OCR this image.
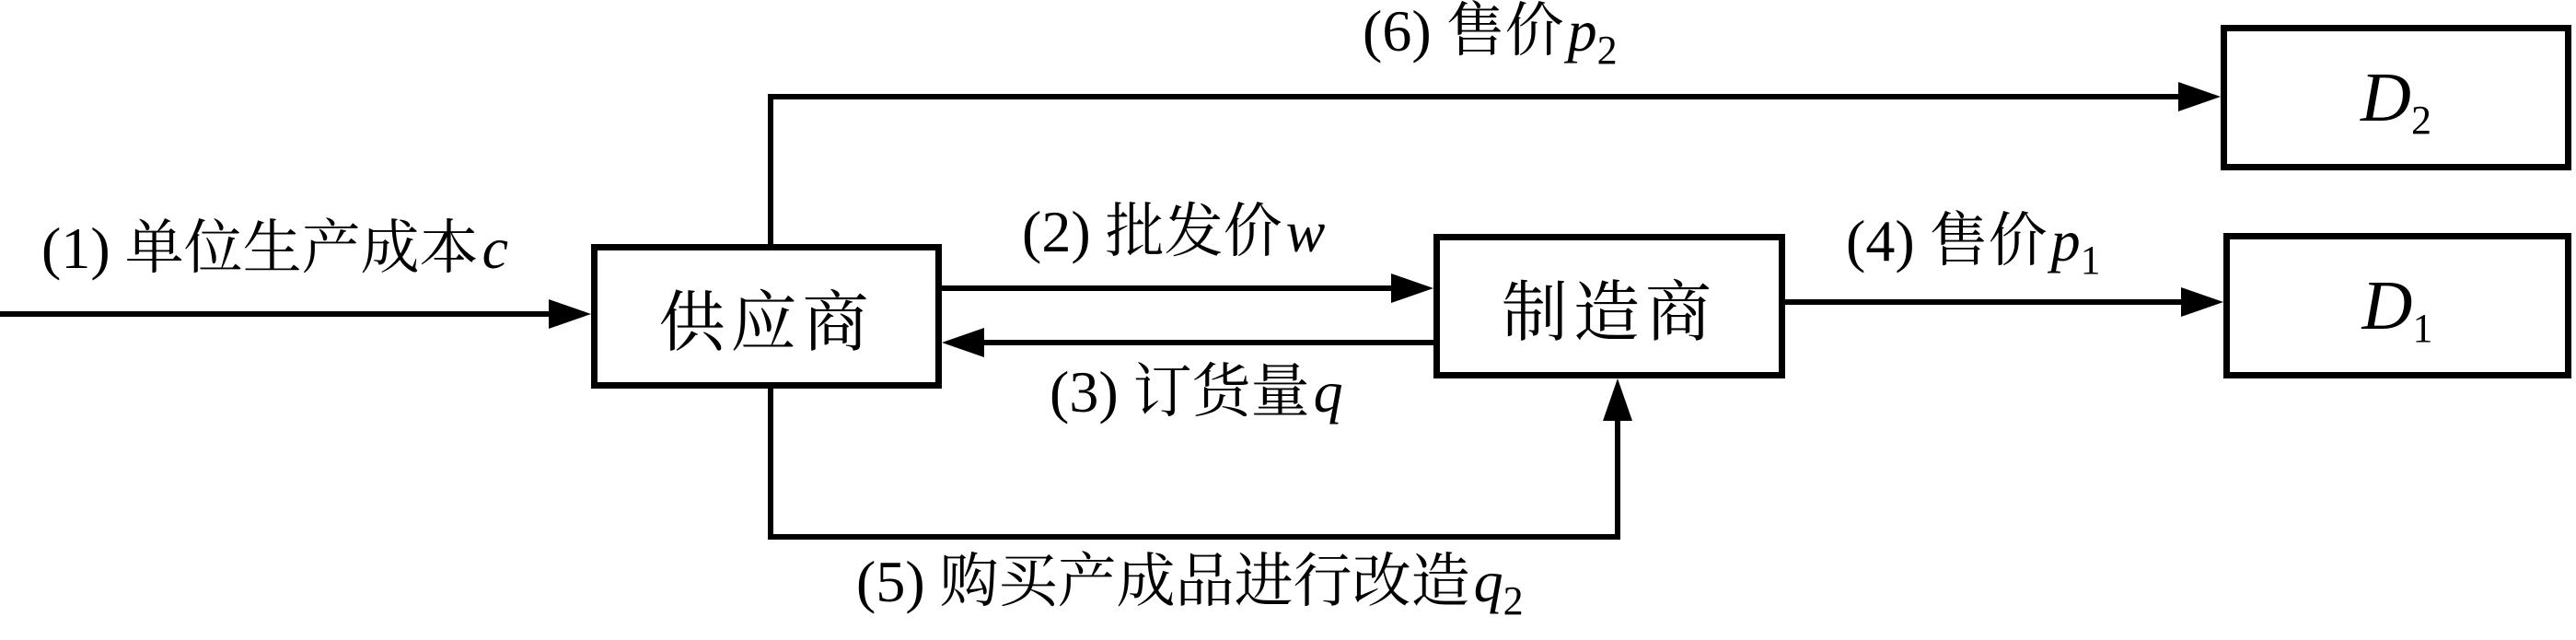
(6) 售价$p_2$
(1) 单位生产成本c	(2) 批发价w
(3) 订货量q
(4) 售价$p_1$
(5) 购买产成品进行改造$q_2$
供应商	制造商
D2
D1
